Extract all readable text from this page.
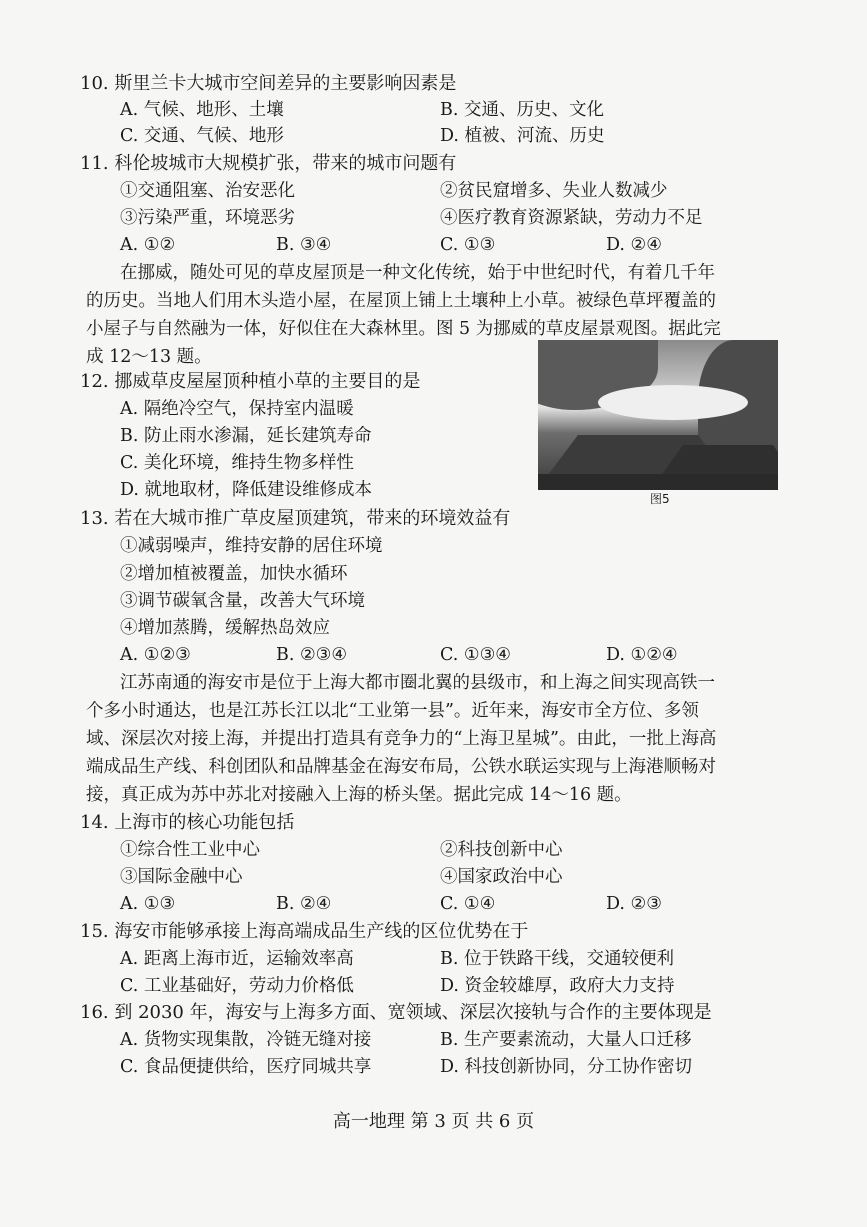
10. 斯里兰卡大城市空间差异的主要影响因素是
A. 气候、地形、土壤	B. 交通、历史、文化
C. 交通、气候、地形	D. 植被、河流、历史
11. 科伦坡城市大规模扩张，带来的城市问题有
①交通阻塞、治安恶化	②贫民窟增多、失业人数减少
③污染严重，环境恶劣	④医疗教育资源紧缺，劳动力不足
A. ①②	B. ③④	C. ①③	D. ②④
在挪威，随处可见的草皮屋顶是一种文化传统，始于中世纪时代，有着几千年
的历史。当地人们用木头造小屋，在屋顶上铺上土壤种上小草。被绿色草坪覆盖的
小屋子与自然融为一体，好似住在大森林里。图 5 为挪威的草皮屋景观图。据此完
成 12～13 题。
图5
12. 挪威草皮屋屋顶种植小草的主要目的是
A. 隔绝冷空气，保持室内温暖
B. 防止雨水渗漏，延长建筑寿命
C. 美化环境，维持生物多样性
D. 就地取材，降低建设维修成本
13. 若在大城市推广草皮屋顶建筑，带来的环境效益有
①减弱噪声，维持安静的居住环境
②增加植被覆盖，加快水循环
③调节碳氧含量，改善大气环境
④增加蒸腾，缓解热岛效应
A. ①②③	B. ②③④	C. ①③④	D. ①②④
江苏南通的海安市是位于上海大都市圈北翼的县级市，和上海之间实现高铁一
个多小时通达，也是江苏长江以北“工业第一县”。近年来，海安市全方位、多领
域、深层次对接上海，并提出打造具有竞争力的“上海卫星城”。由此，一批上海高
端成品生产线、科创团队和品牌基金在海安布局，公铁水联运实现与上海港顺畅对
接，真正成为苏中苏北对接融入上海的桥头堡。据此完成 14～16 题。
14. 上海市的核心功能包括
①综合性工业中心	②科技创新中心
③国际金融中心	④国家政治中心
A. ①③	B. ②④	C. ①④	D. ②③
15. 海安市能够承接上海高端成品生产线的区位优势在于
A. 距离上海市近，运输效率高	B. 位于铁路干线，交通较便利
C. 工业基础好，劳动力价格低	D. 资金较雄厚，政府大力支持
16. 到 2030 年，海安与上海多方面、宽领域、深层次接轨与合作的主要体现是
A. 货物实现集散，冷链无缝对接	B. 生产要素流动，大量人口迁移
C. 食品便捷供给，医疗同城共享	D. 科技创新协同，分工协作密切
高一地理 第 3 页 共 6 页
